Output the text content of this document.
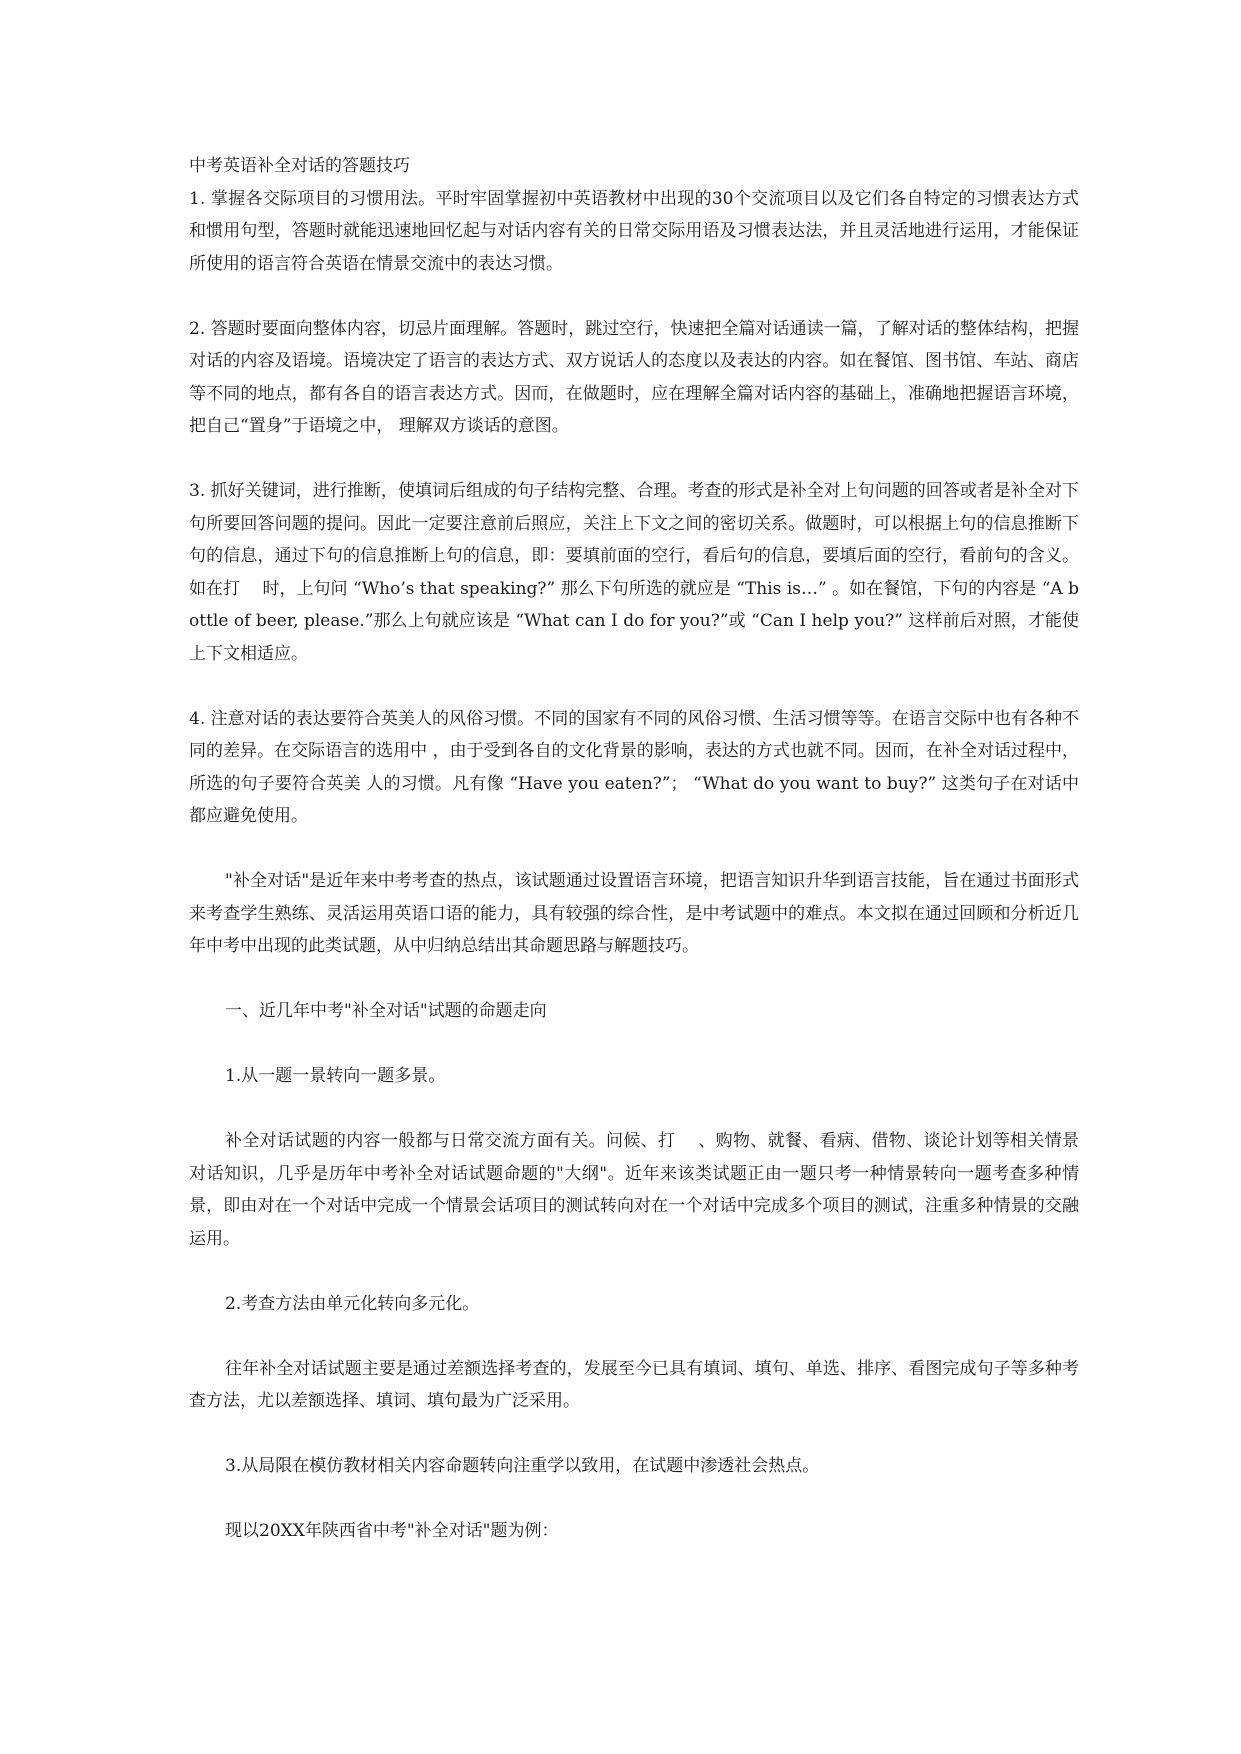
中考英语补全对话的答题技巧

1. 掌握各交际项目的习惯用法。平时牢固掌握初中英语教材中出现的30个交流项目以及它们各自特定的习惯表达方式和惯用句型，答题时就能迅速地回忆起与对话内容有关的日常交际用语及习惯表达法，并且灵活地进行运用，才能保证所使用的语言符合英语在情景交流中的表达习惯。

2. 答题时要面向整体内容，切忌片面理解。答题时，跳过空行，快速把全篇对话通读一篇，了解对话的整体结构，把握对话的内容及语境。语境决定了语言的表达方式、双方说话人的态度以及表达的内容。如在餐馆、图书馆、车站、商店等不同的地点，都有各自的语言表达方式。因而，在做题时，应在理解全篇对话内容的基础上，准确地把握语言环境，把自己“置身”于语境之中， 理解双方谈话的意图。

3. 抓好关键词，进行推断，使填词后组成的句子结构完整、合理。考查的形式是补全对上句问题的回答或者是补全对下句所要回答问题的提问。因此一定要注意前后照应，关注上下文之间的密切关系。做题时，可以根据上句的信息推断下句的信息，通过下句的信息推断上句的信息，即：要填前面的空行，看后句的信息，要填后面的空行，看前句的含义。如在打　 时，上句问 “Who’s that speaking?” 那么下句所选的就应是 “This is…” 。如在餐馆，下句的内容是 “A bottle of beer, please.”那么上句就应该是 “What can I do for you?”或 “Can I help you?” 这样前后对照，才能使上下文相适应。

4. 注意对话的表达要符合英美人的风俗习惯。不同的国家有不同的风俗习惯、生活习惯等等。在语言交际中也有各种不同的差异。在交际语言的选用中 ，由于受到各自的文化背景的影响，表达的方式也就不同。因而，在补全对话过程中，所选的句子要符合英美 人的习惯。凡有像 “Have you eaten?”； “What do you want to buy?” 这类句子在对话中都应避免使用。

"补全对话"是近年来中考考查的热点，该试题通过设置语言环境，把语言知识升华到语言技能，旨在通过书面形式来考查学生熟练、灵活运用英语口语的能力，具有较强的综合性，是中考试题中的难点。本文拟在通过回顾和分析近几年中考中出现的此类试题，从中归纳总结出其命题思路与解题技巧。

一、近几年中考"补全对话"试题的命题走向

1.从一题一景转向一题多景。

补全对话试题的内容一般都与日常交流方面有关。问候、打　 、购物、就餐、看病、借物、谈论计划等相关情景对话知识，几乎是历年中考补全对话试题命题的"大纲"。近年来该类试题正由一题只考一种情景转向一题考查多种情景，即由对在一个对话中完成一个情景会话项目的测试转向对在一个对话中完成多个项目的测试，注重多种情景的交融运用。

2.考查方法由单元化转向多元化。

往年补全对话试题主要是通过差额选择考查的，发展至今已具有填词、填句、单选、排序、看图完成句子等多种考查方法，尤以差额选择、填词、填句最为广泛采用。

3.从局限在模仿教材相关内容命题转向注重学以致用，在试题中渗透社会热点。

现以20XX年陕西省中考"补全对话"题为例：
